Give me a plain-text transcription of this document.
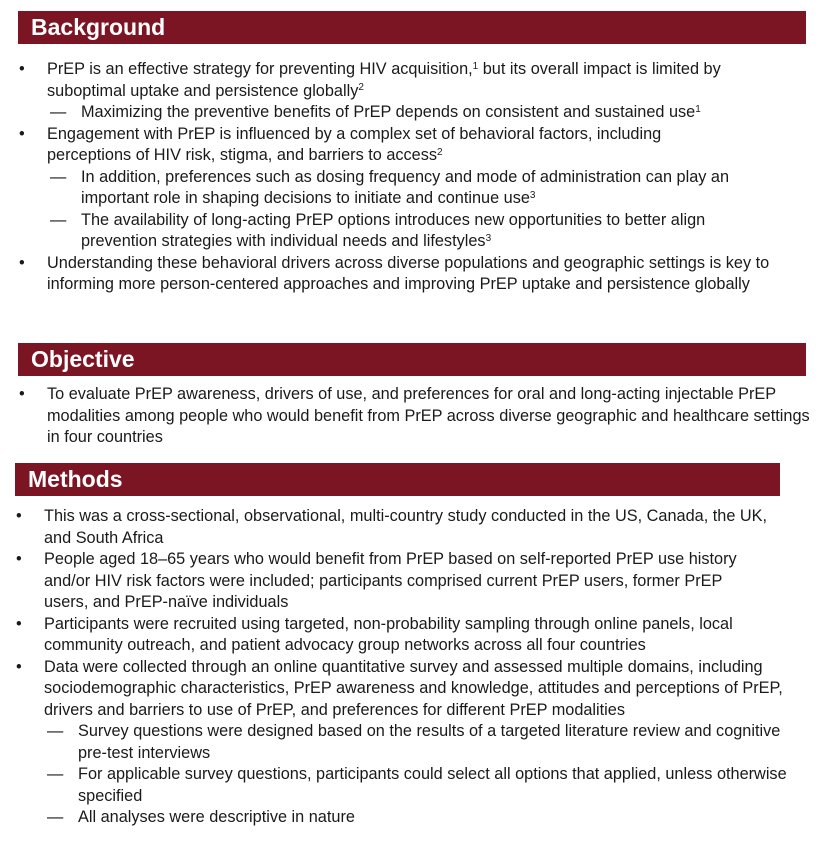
Background
• PrEP is an effective strategy for preventing HIV acquisition,$^1$ but its overall impact is limited by suboptimal uptake and persistence globally$^2$
— Maximizing the preventive benefits of PrEP depends on consistent and sustained use$^1$
• Engagement with PrEP is influenced by a complex set of behavioral factors, including perceptions of HIV risk, stigma, and barriers to access$^2$
— In addition, preferences such as dosing frequency and mode of administration can play an important role in shaping decisions to initiate and continue use$^3$
— The availability of long-acting PrEP options introduces new opportunities to better align prevention strategies with individual needs and lifestyles$^3$
• Understanding these behavioral drivers across diverse populations and geographic settings is key to informing more person-centered approaches and improving PrEP uptake and persistence globally
Objective
• To evaluate PrEP awareness, drivers of use, and preferences for oral and long-acting injectable PrEP modalities among people who would benefit from PrEP across diverse geographic and healthcare settings in four countries
Methods
• This was a cross-sectional, observational, multi-country study conducted in the US, Canada, the UK, and South Africa
• People aged 18–65 years who would benefit from PrEP based on self-reported PrEP use history and/or HIV risk factors were included; participants comprised current PrEP users, former PrEP users, and PrEP-naïve individuals
• Participants were recruited using targeted, non-probability sampling through online panels, local community outreach, and patient advocacy group networks across all four countries
• Data were collected through an online quantitative survey and assessed multiple domains, including sociodemographic characteristics, PrEP awareness and knowledge, attitudes and perceptions of PrEP, drivers and barriers to use of PrEP, and preferences for different PrEP modalities
— Survey questions were designed based on the results of a targeted literature review and cognitive pre-test interviews
— For applicable survey questions, participants could select all options that applied, unless otherwise specified
— All analyses were descriptive in nature
